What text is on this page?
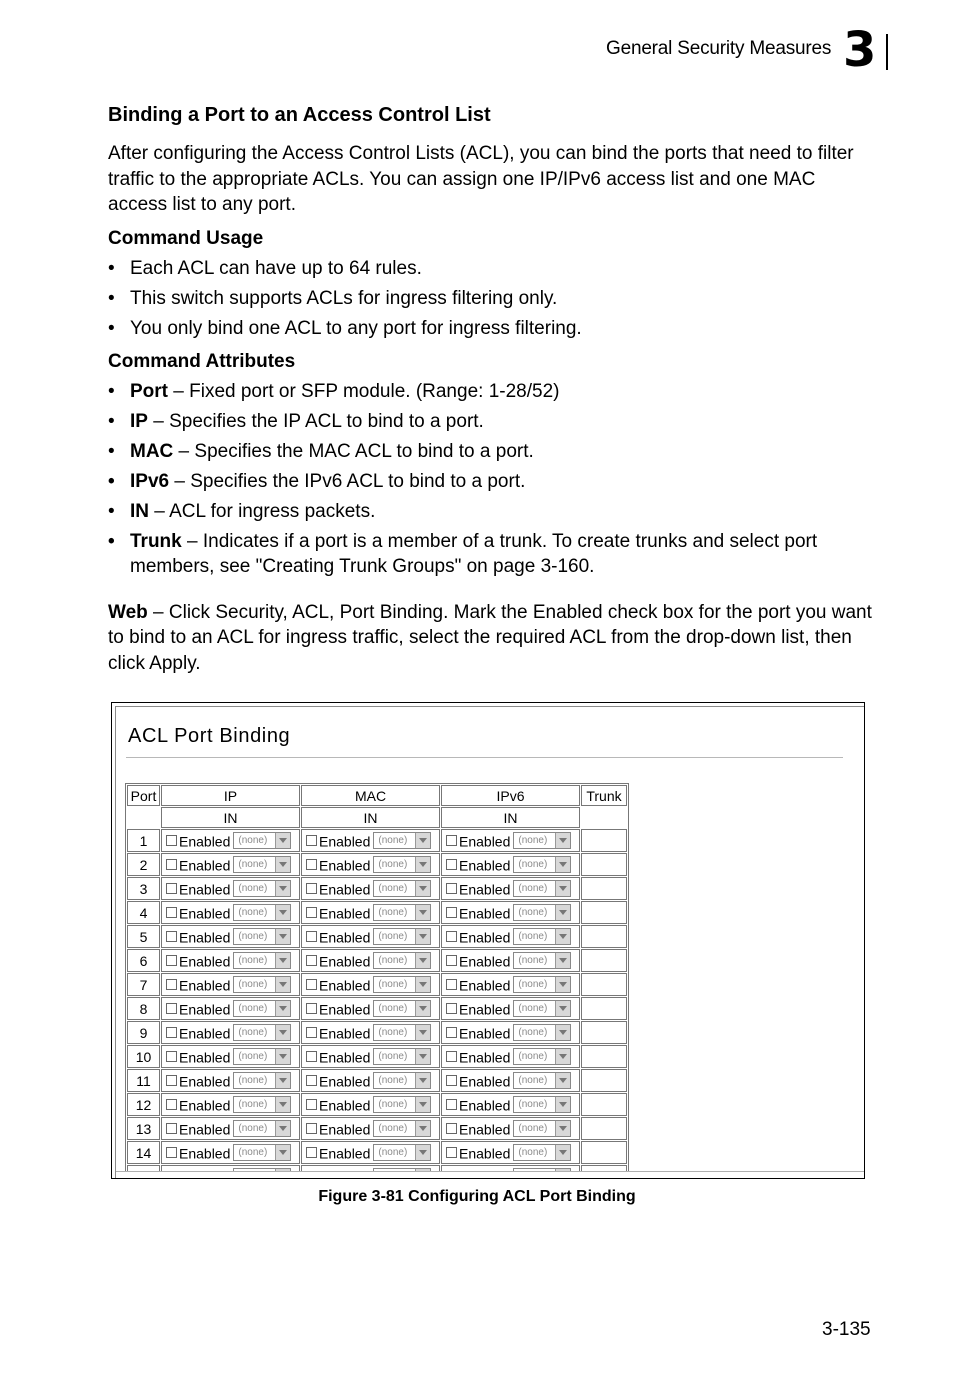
General Security Measures 3
Binding a Port to an Access Control List

After configuring the Access Control Lists (ACL), you can bind the ports that need to filter traffic to the appropriate ACLs. You can assign one IP/IPv6 access list and one MAC access list to any port.

Command Usage
• Each ACL can have up to 64 rules.
• This switch supports ACLs for ingress filtering only.
• You only bind one ACL to any port for ingress filtering.
Command Attributes
• Port – Fixed port or SFP module. (Range: 1-28/52)
• IP – Specifies the IP ACL to bind to a port.
• MAC – Specifies the MAC ACL to bind to a port.
• IPv6 – Specifies the IPv6 ACL to bind to a port.
• IN – ACL for ingress packets.
• Trunk – Indicates if a port is a member of a trunk. To create trunks and select port members, see "Creating Trunk Groups" on page 3-160.

Web – Click Security, ACL, Port Binding. Mark the Enabled check box for the port you want to bind to an ACL for ingress traffic, select the required ACL from the drop-down list, then click Apply.

ACL Port Binding
Port	IP	MAC	IPv6	Trunk
	IN	IN	IN	
1	Enabled (none)	Enabled (none)	Enabled (none)	

2	Enabled (none)	Enabled (none)	Enabled (none)	

3	Enabled (none)	Enabled (none)	Enabled (none)	

4	Enabled (none)	Enabled (none)	Enabled (none)	

5	Enabled (none)	Enabled (none)	Enabled (none)	

6	Enabled (none)	Enabled (none)	Enabled (none)	

7	Enabled (none)	Enabled (none)	Enabled (none)	

8	Enabled (none)	Enabled (none)	Enabled (none)	

9	Enabled (none)	Enabled (none)	Enabled (none)	

10	Enabled (none)	Enabled (none)	Enabled (none)	

11	Enabled (none)	Enabled (none)	Enabled (none)	

12	Enabled (none)	Enabled (none)	Enabled (none)	

13	Enabled (none)	Enabled (none)	Enabled (none)	

14	Enabled (none)	Enabled (none)	Enabled (none)	

Figure 3-81 Configuring ACL Port Binding
3-135
